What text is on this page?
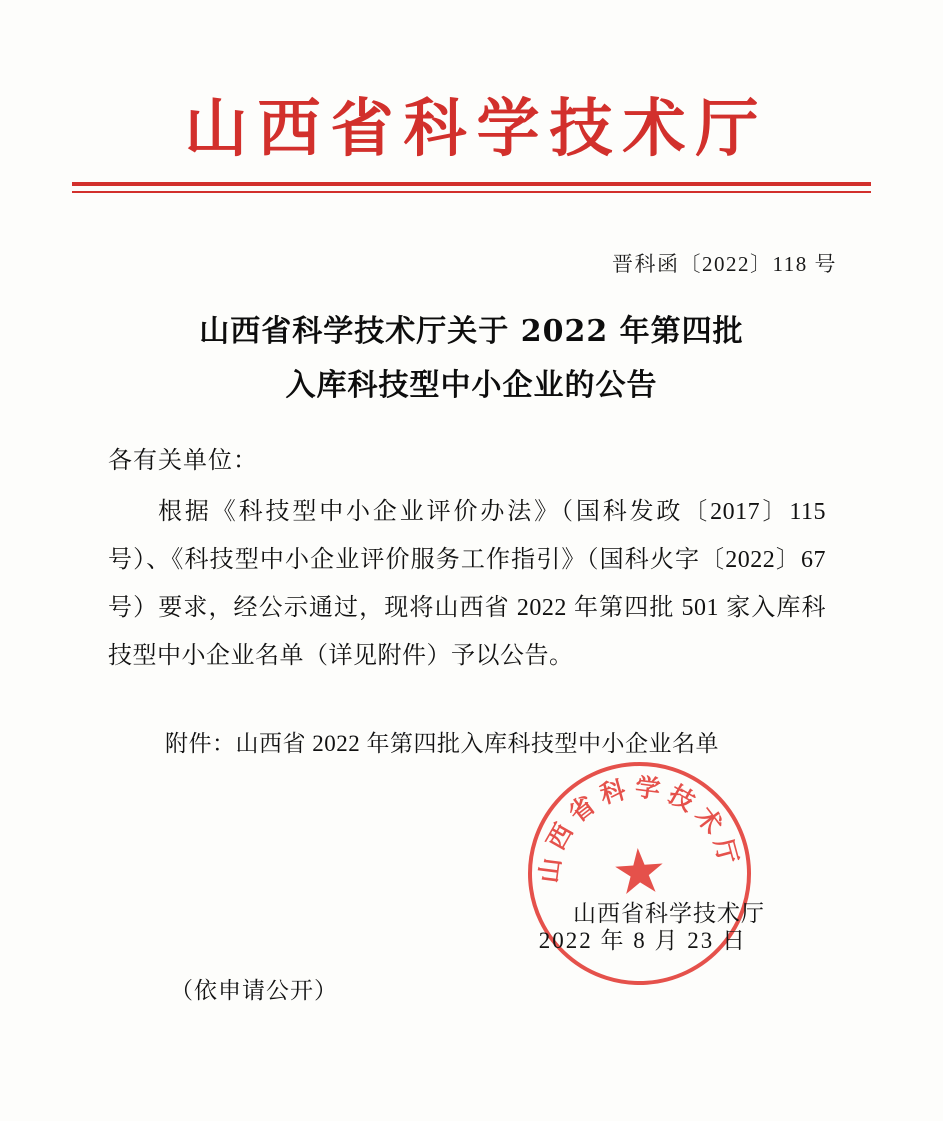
山西省科学技术厅
晋科函〔2022〕118 号
山西省科学技术厅关于 2022 年第四批
入库科技型中小企业的公告
各有关单位：
根据《科技型中小企业评价办法》（国科发政〔2017〕115 号）、《科技型中小企业评价服务工作指引》（国科火字〔2022〕67 号）要求，经公示通过，现将山西省 2022 年第四批 501 家入库科技型中小企业名单（详见附件）予以公告。
附件：山西省 2022 年第四批入库科技型中小企业名单
山西省科学技术厅
★
山西省科学技术厅
2022 年 8 月 23 日
（依申请公开）
